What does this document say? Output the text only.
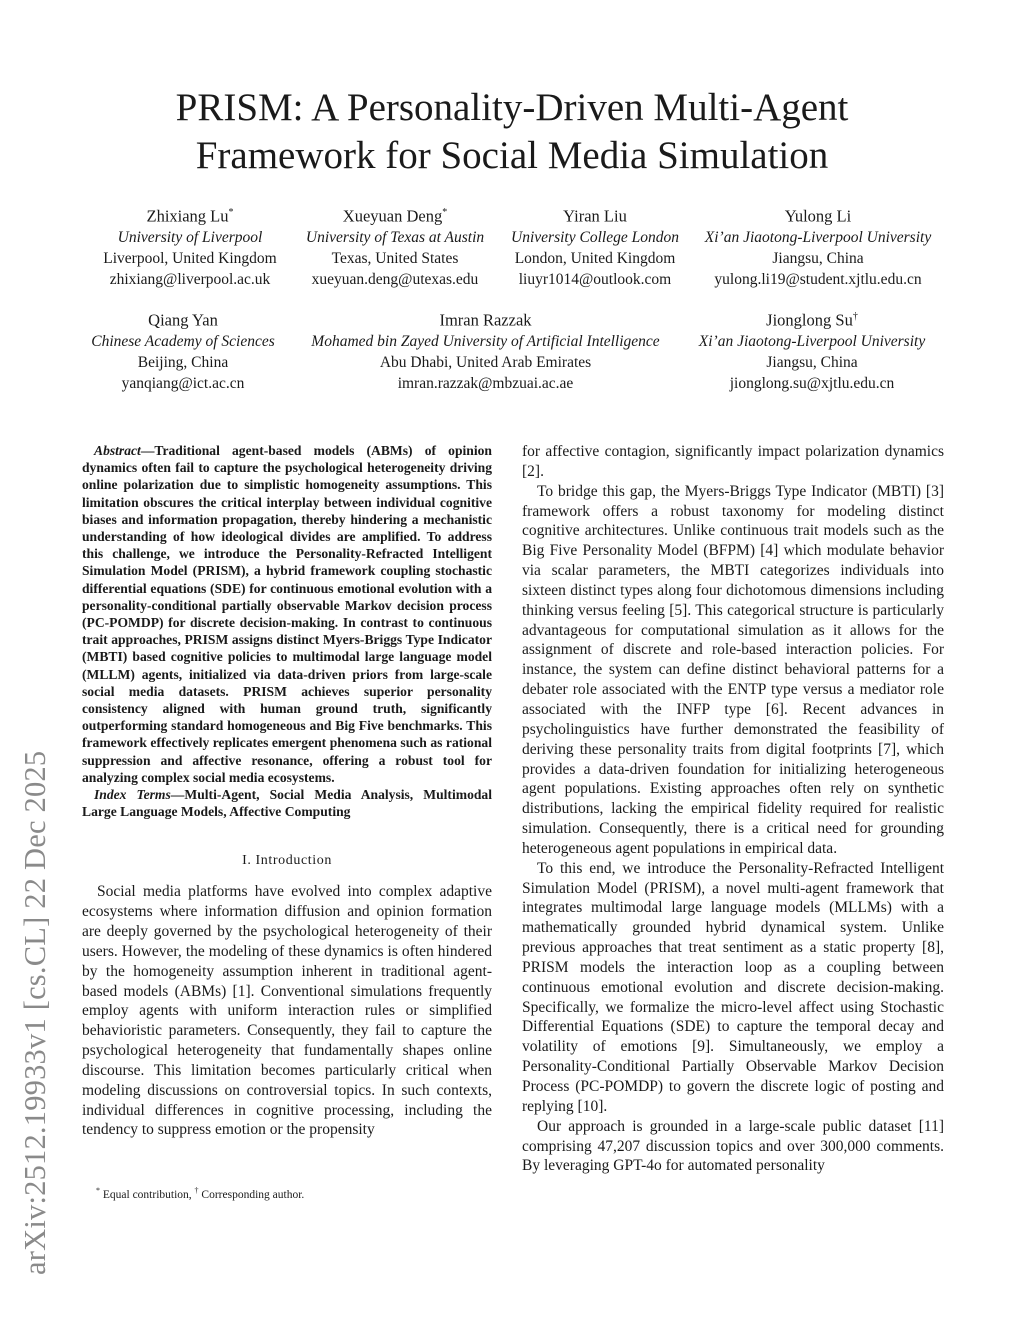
arXiv:2512.19933v1 [cs.CL] 22 Dec 2025
PRISM: A Personality-Driven Multi-Agent
Framework for Social Media Simulation
Zhixiang Lu*
University of Liverpool
Liverpool, United Kingdom
zhixiang@liverpool.ac.uk
Xueyuan Deng*
University of Texas at Austin
Texas, United States
xueyuan.deng@utexas.edu
Yiran Liu
University College London
London, United Kingdom
liuyr1014@outlook.com
Yulong Li
Xi’an Jiaotong-Liverpool University
Jiangsu, China
yulong.li19@student.xjtlu.edu.cn
Qiang Yan
Chinese Academy of Sciences
Beijing, China
yanqiang@ict.ac.cn
Imran Razzak
Mohamed bin Zayed University of Artificial Intelligence
Abu Dhabi, United Arab Emirates
imran.razzak@mbzuai.ac.ae
Jionglong Su†
Xi’an Jiaotong-Liverpool University
Jiangsu, China
jionglong.su@xjtlu.edu.cn

Abstract—Traditional agent-based models (ABMs) of opinion dynamics often fail to capture the psychological heterogeneity driving online polarization due to simplistic homogeneity assumptions. This limitation obscures the critical interplay between individual cognitive biases and information propagation, thereby hindering a mechanistic understanding of how ideological divides are amplified. To address this challenge, we introduce the Personality-Refracted Intelligent Simulation Model (PRISM), a hybrid framework coupling stochastic differential equations (SDE) for continuous emotional evolution with a personality-conditional partially observable Markov decision process (PC-POMDP) for discrete decision-making. In contrast to continuous trait approaches, PRISM assigns distinct Myers-Briggs Type Indicator (MBTI) based cognitive policies to multimodal large language model (MLLM) agents, initialized via data-driven priors from large-scale social media datasets. PRISM achieves superior personality consistency aligned with human ground truth, significantly outperforming standard homogeneous and Big Five benchmarks. This framework effectively replicates emergent phenomena such as rational suppression and affective resonance, offering a robust tool for analyzing complex social media ecosystems.

Index Terms—Multi-Agent, Social Media Analysis, Multimodal Large Language Models, Affective Computing

I. Introduction

Social media platforms have evolved into complex adaptive ecosystems where information diffusion and opinion formation are deeply governed by the psychological heterogeneity of their users. However, the modeling of these dynamics is often hindered by the homogeneity assumption inherent in traditional agent-based models (ABMs) [1]. Conventional simulations frequently employ agents with uniform interaction rules or simplified behavioristic parameters. Consequently, they fail to capture the psychological heterogeneity that fundamentally shapes online discourse. This limitation becomes particularly critical when modeling discussions on controversial topics. In such contexts, individual differences in cognitive processing, including the tendency to suppress emotion or the propensity

for affective contagion, significantly impact polarization dynamics [2].

To bridge this gap, the Myers-Briggs Type Indicator (MBTI) [3] framework offers a robust taxonomy for modeling distinct cognitive architectures. Unlike continuous trait models such as the Big Five Personality Model (BFPM) [4] which modulate behavior via scalar parameters, the MBTI categorizes individuals into sixteen distinct types along four dichotomous dimensions including thinking versus feeling [5]. This categorical structure is particularly advantageous for computational simulation as it allows for the assignment of discrete and role-based interaction policies. For instance, the system can define distinct behavioral patterns for a debater role associated with the ENTP type versus a mediator role associated with the INFP type [6]. Recent advances in psycholinguistics have further demonstrated the feasibility of deriving these personality traits from digital footprints [7], which provides a data-driven foundation for initializing heterogeneous agent populations. Existing approaches often rely on synthetic distributions, lacking the empirical fidelity required for realistic simulation. Consequently, there is a critical need for grounding heterogeneous agent populations in empirical data.

To this end, we introduce the Personality-Refracted Intelligent Simulation Model (PRISM), a novel multi-agent framework that integrates multimodal large language models (MLLMs) with a mathematically grounded hybrid dynamical system. Unlike previous approaches that treat sentiment as a static property [8], PRISM models the interaction loop as a coupling between continuous emotional evolution and discrete decision-making. Specifically, we formalize the micro-level affect using Stochastic Differential Equations (SDE) to capture the temporal decay and volatility of emotions [9]. Simultaneously, we employ a Personality-Conditional Partially Observable Markov Decision Process (PC-POMDP) to govern the discrete logic of posting and replying [10].

Our approach is grounded in a large-scale public dataset [11] comprising 47,207 discussion topics and over 300,000 comments. By leveraging GPT-4o for automated personality

* Equal contribution, † Corresponding author.
